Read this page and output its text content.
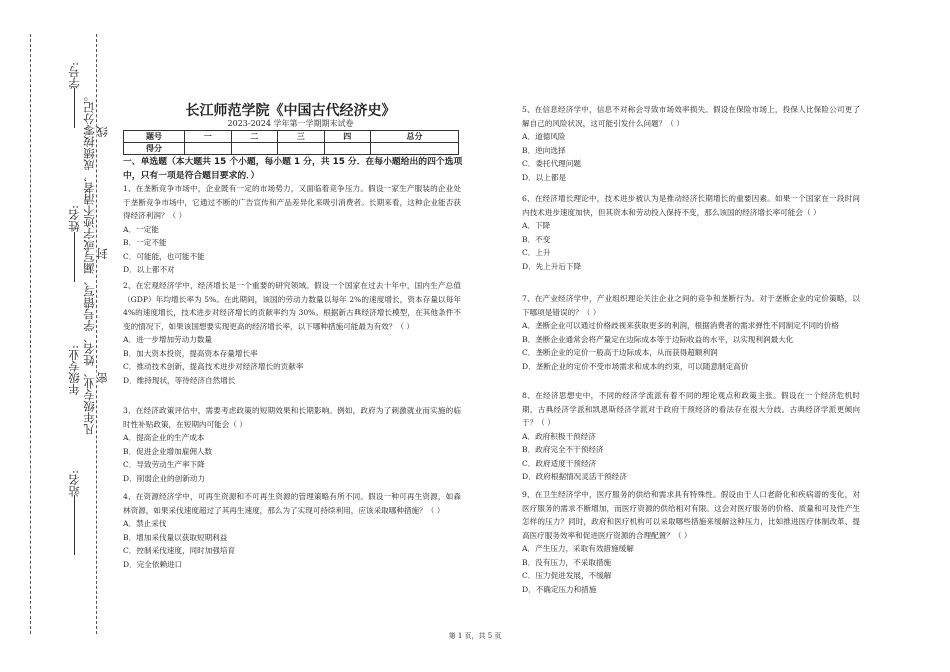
学号:
姓名:
年级专业:
站名:
凡年级专业、姓名、学号错写、漏写或字迹不清者，成绩按零分记。 密
封
线
长江师范学院《中国古代经济史》
2023-2024 学年第一学期期末试卷
题号	一	二	三	四	总分
得分					
一、单选题（本大题共 15 个小题，每小题 1 分，共 15 分．在每小题给出的四个选项中，只有一项是符合题目要求的．）

1、在垄断竞争市场中，企业既有一定的市场势力，又面临着竞争压力。假设一家生产服装的企业处于垄断竞争市场中，它通过不断的广告宣传和产品差异化来吸引消费者。长期来看，这种企业能否获得经济利润？（ ）

A．一定能

B．一定不能

C．可能能，也可能不能

D．以上都不对

2、在宏观经济学中，经济增长是一个重要的研究领域。假设一个国家在过去十年中，国内生产总值（GDP）年均增长率为 5%。在此期间，该国的劳动力数量以每年 2%的速度增长，资本存量以每年 4%的速度增长，技术进步对经济增长的贡献率约为 30%。根据新古典经济增长模型，在其他条件不变的情况下，如果该国想要实现更高的经济增长率，以下哪种措施可能最为有效？（ ）

A．进一步增加劳动力数量

B．加大资本投资，提高资本存量增长率

C．推动技术创新，提高技术进步对经济增长的贡献率

D．维持现状，等待经济自然增长

3、在经济政策评估中，需要考虑政策的短期效果和长期影响。例如，政府为了刺激就业而实施的临时性补贴政策，在短期内可能会（ ）

A．提高企业的生产成本

B．促进企业增加雇佣人数

C．导致劳动生产率下降

D．削弱企业的创新动力

4、在资源经济学中，可再生资源和不可再生资源的管理策略有所不同。假设一种可再生资源，如森林资源，如果采伐速度超过了其再生速度，那么为了实现可持续利用，应该采取哪种措施？（ ）

A．禁止采伐

B．增加采伐量以获取短期利益

C．控制采伐速度，同时加强培育

D．完全依赖进口

5、在信息经济学中，信息不对称会导致市场效率损失。假设在保险市场上，投保人比保险公司更了解自己的风险状况，这可能引发什么问题？（ ）

A．道德风险

B．逆向选择

C．委托代理问题

D．以上都是

6、在经济增长理论中，技术进步被认为是推动经济长期增长的重要因素。如果一个国家在一段时间内技术进步速度加快，但其资本和劳动投入保持不变，那么该国的经济增长率可能会（ ）

A．下降

B．不变

C．上升

D．先上升后下降

7、在产业经济学中，产业组织理论关注企业之间的竞争和垄断行为。对于垄断企业的定价策略，以下哪项是错误的？（ ）

A．垄断企业可以通过价格歧视来获取更多的利润，根据消费者的需求弹性不同制定不同的价格

B．垄断企业通常会将产量定在边际成本等于边际收益的水平，以实现利润最大化

C．垄断企业的定价一般高于边际成本，从而获得超额利润

D．垄断企业的定价不受市场需求和成本的约束，可以随意制定高价

8、在经济思想史中，不同的经济学流派有着不同的理论观点和政策主张。假设在一个经济危机时期，古典经济学派和凯恩斯经济学派对于政府干预经济的看法存在很大分歧。古典经济学派更倾向于？（ ）

A．政府积极干预经济

B．政府完全不干预经济

C．政府适度干预经济

D．政府根据情况灵活干预经济

9、在卫生经济学中，医疗服务的供给和需求具有特殊性。假设由于人口老龄化和疾病谱的变化，对医疗服务的需求不断增加，而医疗资源的供给相对有限。这会对医疗服务的价格、质量和可及性产生怎样的压力？同时，政府和医疗机构可以采取哪些措施来缓解这种压力，比如推进医疗体制改革、提高医疗服务效率和促进医疗资源的合理配置？（ ）

A．产生压力，采取有效措施缓解

B．没有压力，不采取措施

C．压力促进发展，不缓解

D．不确定压力和措施

第 1 页，共 5 页
